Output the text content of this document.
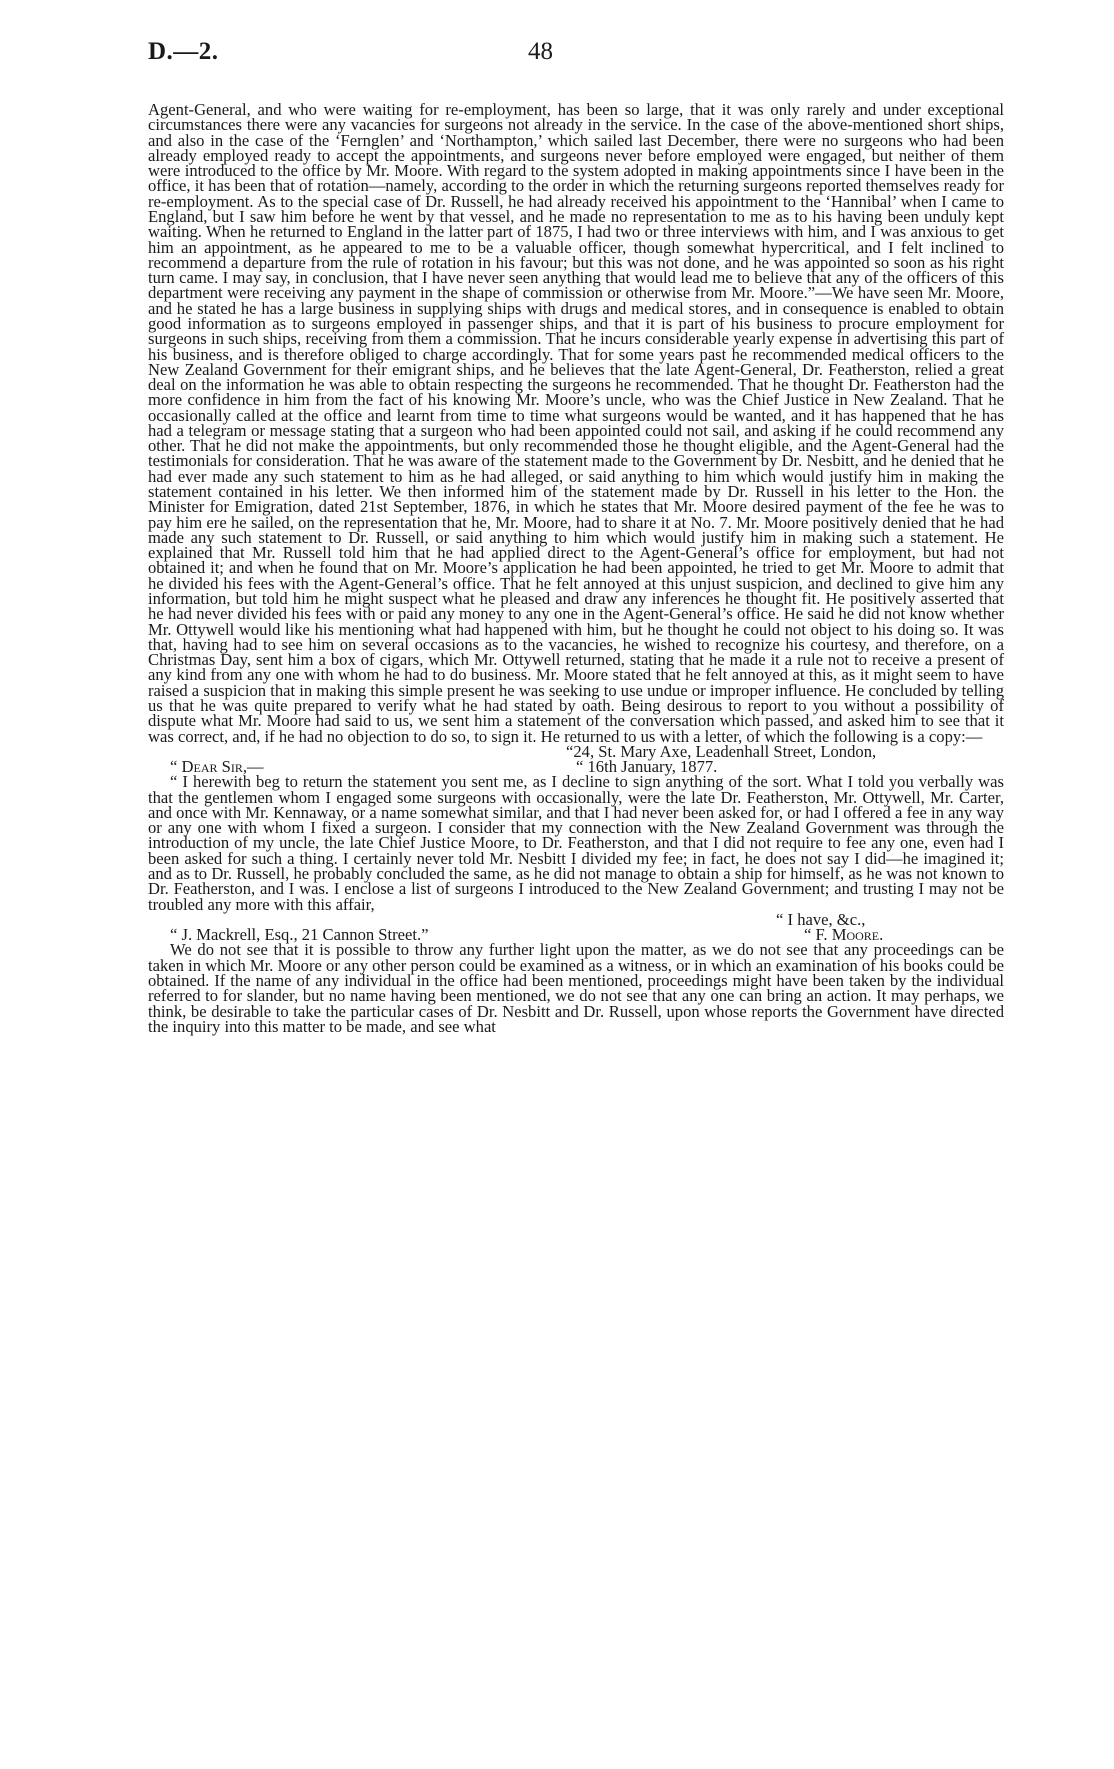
D.—2.	48

Agent-General, and who were waiting for re-employment, has been so large, that it was only rarely and under exceptional circumstances there were any vacancies for surgeons not already in the service. In the case of the above-mentioned short ships, and also in the case of the ‘Fernglen’ and ‘Northampton,’ which sailed last December, there were no surgeons who had been already employed ready to accept the appointments, and surgeons never before employed were engaged, but neither of them were introduced to the office by Mr. Moore. With regard to the system adopted in making appointments since I have been in the office, it has been that of rotation—namely, according to the order in which the returning surgeons reported themselves ready for re-employment. As to the special case of Dr. Russell, he had already received his appointment to the ‘Hannibal’ when I came to England, but I saw him before he went by that vessel, and he made no representation to me as to his having been unduly kept waiting. When he returned to England in the latter part of 1875, I had two or three interviews with him, and I was anxious to get him an appointment, as he appeared to me to be a valuable officer, though somewhat hypercritical, and I felt inclined to recommend a departure from the rule of rotation in his favour; but this was not done, and he was appointed so soon as his right turn came. I may say, in conclusion, that I have never seen anything that would lead me to believe that any of the officers of this department were receiving any payment in the shape of commission or otherwise from Mr. Moore.”—We have seen Mr. Moore, and he stated he has a large business in supplying ships with drugs and medical stores, and in consequence is enabled to obtain good information as to surgeons employed in passenger ships, and that it is part of his business to procure employment for surgeons in such ships, receiving from them a commission. That he incurs considerable yearly expense in advertising this part of his business, and is therefore obliged to charge accordingly. That for some years past he recommended medical officers to the New Zealand Government for their emigrant ships, and he believes that the late Agent-General, Dr. Featherston, relied a great deal on the information he was able to obtain respecting the surgeons he recommended. That he thought Dr. Featherston had the more confidence in him from the fact of his knowing Mr. Moore’s uncle, who was the Chief Justice in New Zealand. That he occasionally called at the office and learnt from time to time what surgeons would be wanted, and it has happened that he has had a telegram or message stating that a surgeon who had been appointed could not sail, and asking if he could recommend any other. That he did not make the appointments, but only recommended those he thought eligible, and the Agent-General had the testimonials for consideration. That he was aware of the statement made to the Government by Dr. Nesbitt, and he denied that he had ever made any such statement to him as he had alleged, or said anything to him which would justify him in making the statement contained in his letter. We then informed him of the statement made by Dr. Russell in his letter to the Hon. the Minister for Emigration, dated 21st September, 1876, in which he states that Mr. Moore desired payment of the fee he was to pay him ere he sailed, on the representation that he, Mr. Moore, had to share it at No. 7. Mr. Moore positively denied that he had made any such statement to Dr. Russell, or said anything to him which would justify him in making such a statement. He explained that Mr. Russell told him that he had applied direct to the Agent-General’s office for employment, but had not obtained it; and when he found that on Mr. Moore’s application he had been appointed, he tried to get Mr. Moore to admit that he divided his fees with the Agent-General’s office. That he felt annoyed at this unjust suspicion, and declined to give him any information, but told him he might suspect what he pleased and draw any inferences he thought fit. He positively asserted that he had never divided his fees with or paid any money to any one in the Agent-General’s office. He said he did not know whether Mr. Ottywell would like his mentioning what had happened with him, but he thought he could not object to his doing so. It was that, having had to see him on several occasions as to the vacancies, he wished to recognize his courtesy, and therefore, on a Christmas Day, sent him a box of cigars, which Mr. Ottywell returned, stating that he made it a rule not to receive a present of any kind from any one with whom he had to do business. Mr. Moore stated that he felt annoyed at this, as it might seem to have raised a suspicion that in making this simple present he was seeking to use undue or improper influence. He concluded by telling us that he was quite prepared to verify what he had stated by oath. Being desirous to report to you without a possibility of dispute what Mr. Moore had said to us, we sent him a statement of the conversation which passed, and asked him to see that it was correct, and, if he had no objection to do so, to sign it. He returned to us with a letter, of which the following is a copy:—

“24, St. Mary Axe, Leadenhall Street, London,

“ Dear Sir,—	“ 16th January, 1877.

“ I herewith beg to return the statement you sent me, as I decline to sign anything of the sort. What I told you verbally was that the gentlemen whom I engaged some surgeons with occasionally, were the late Dr. Featherston, Mr. Ottywell, Mr. Carter, and once with Mr. Kennaway, or a name somewhat similar, and that I had never been asked for, or had I offered a fee in any way or any one with whom I fixed a surgeon. I consider that my connection with the New Zealand Government was through the introduction of my uncle, the late Chief Justice Moore, to Dr. Featherston, and that I did not require to fee any one, even had I been asked for such a thing. I certainly never told Mr. Nesbitt I divided my fee; in fact, he does not say I did—he imagined it; and as to Dr. Russell, he probably concluded the same, as he did not manage to obtain a ship for himself, as he was not known to Dr. Featherston, and I was. I enclose a list of surgeons I introduced to the New Zealand Government; and trusting I may not be troubled any more with this affair,

“ I have, &c.,
“ J. Mackrell, Esq., 21 Cannon Street.”	“ F. Moore.

We do not see that it is possible to throw any further light upon the matter, as we do not see that any proceedings can be taken in which Mr. Moore or any other person could be examined as a witness, or in which an examination of his books could be obtained. If the name of any individual in the office had been mentioned, proceedings might have been taken by the individual referred to for slander, but no name having been mentioned, we do not see that any one can bring an action. It may perhaps, we think, be desirable to take the particular cases of Dr. Nesbitt and Dr. Russell, upon whose reports the Government have directed the inquiry into this matter to be made, and see what
